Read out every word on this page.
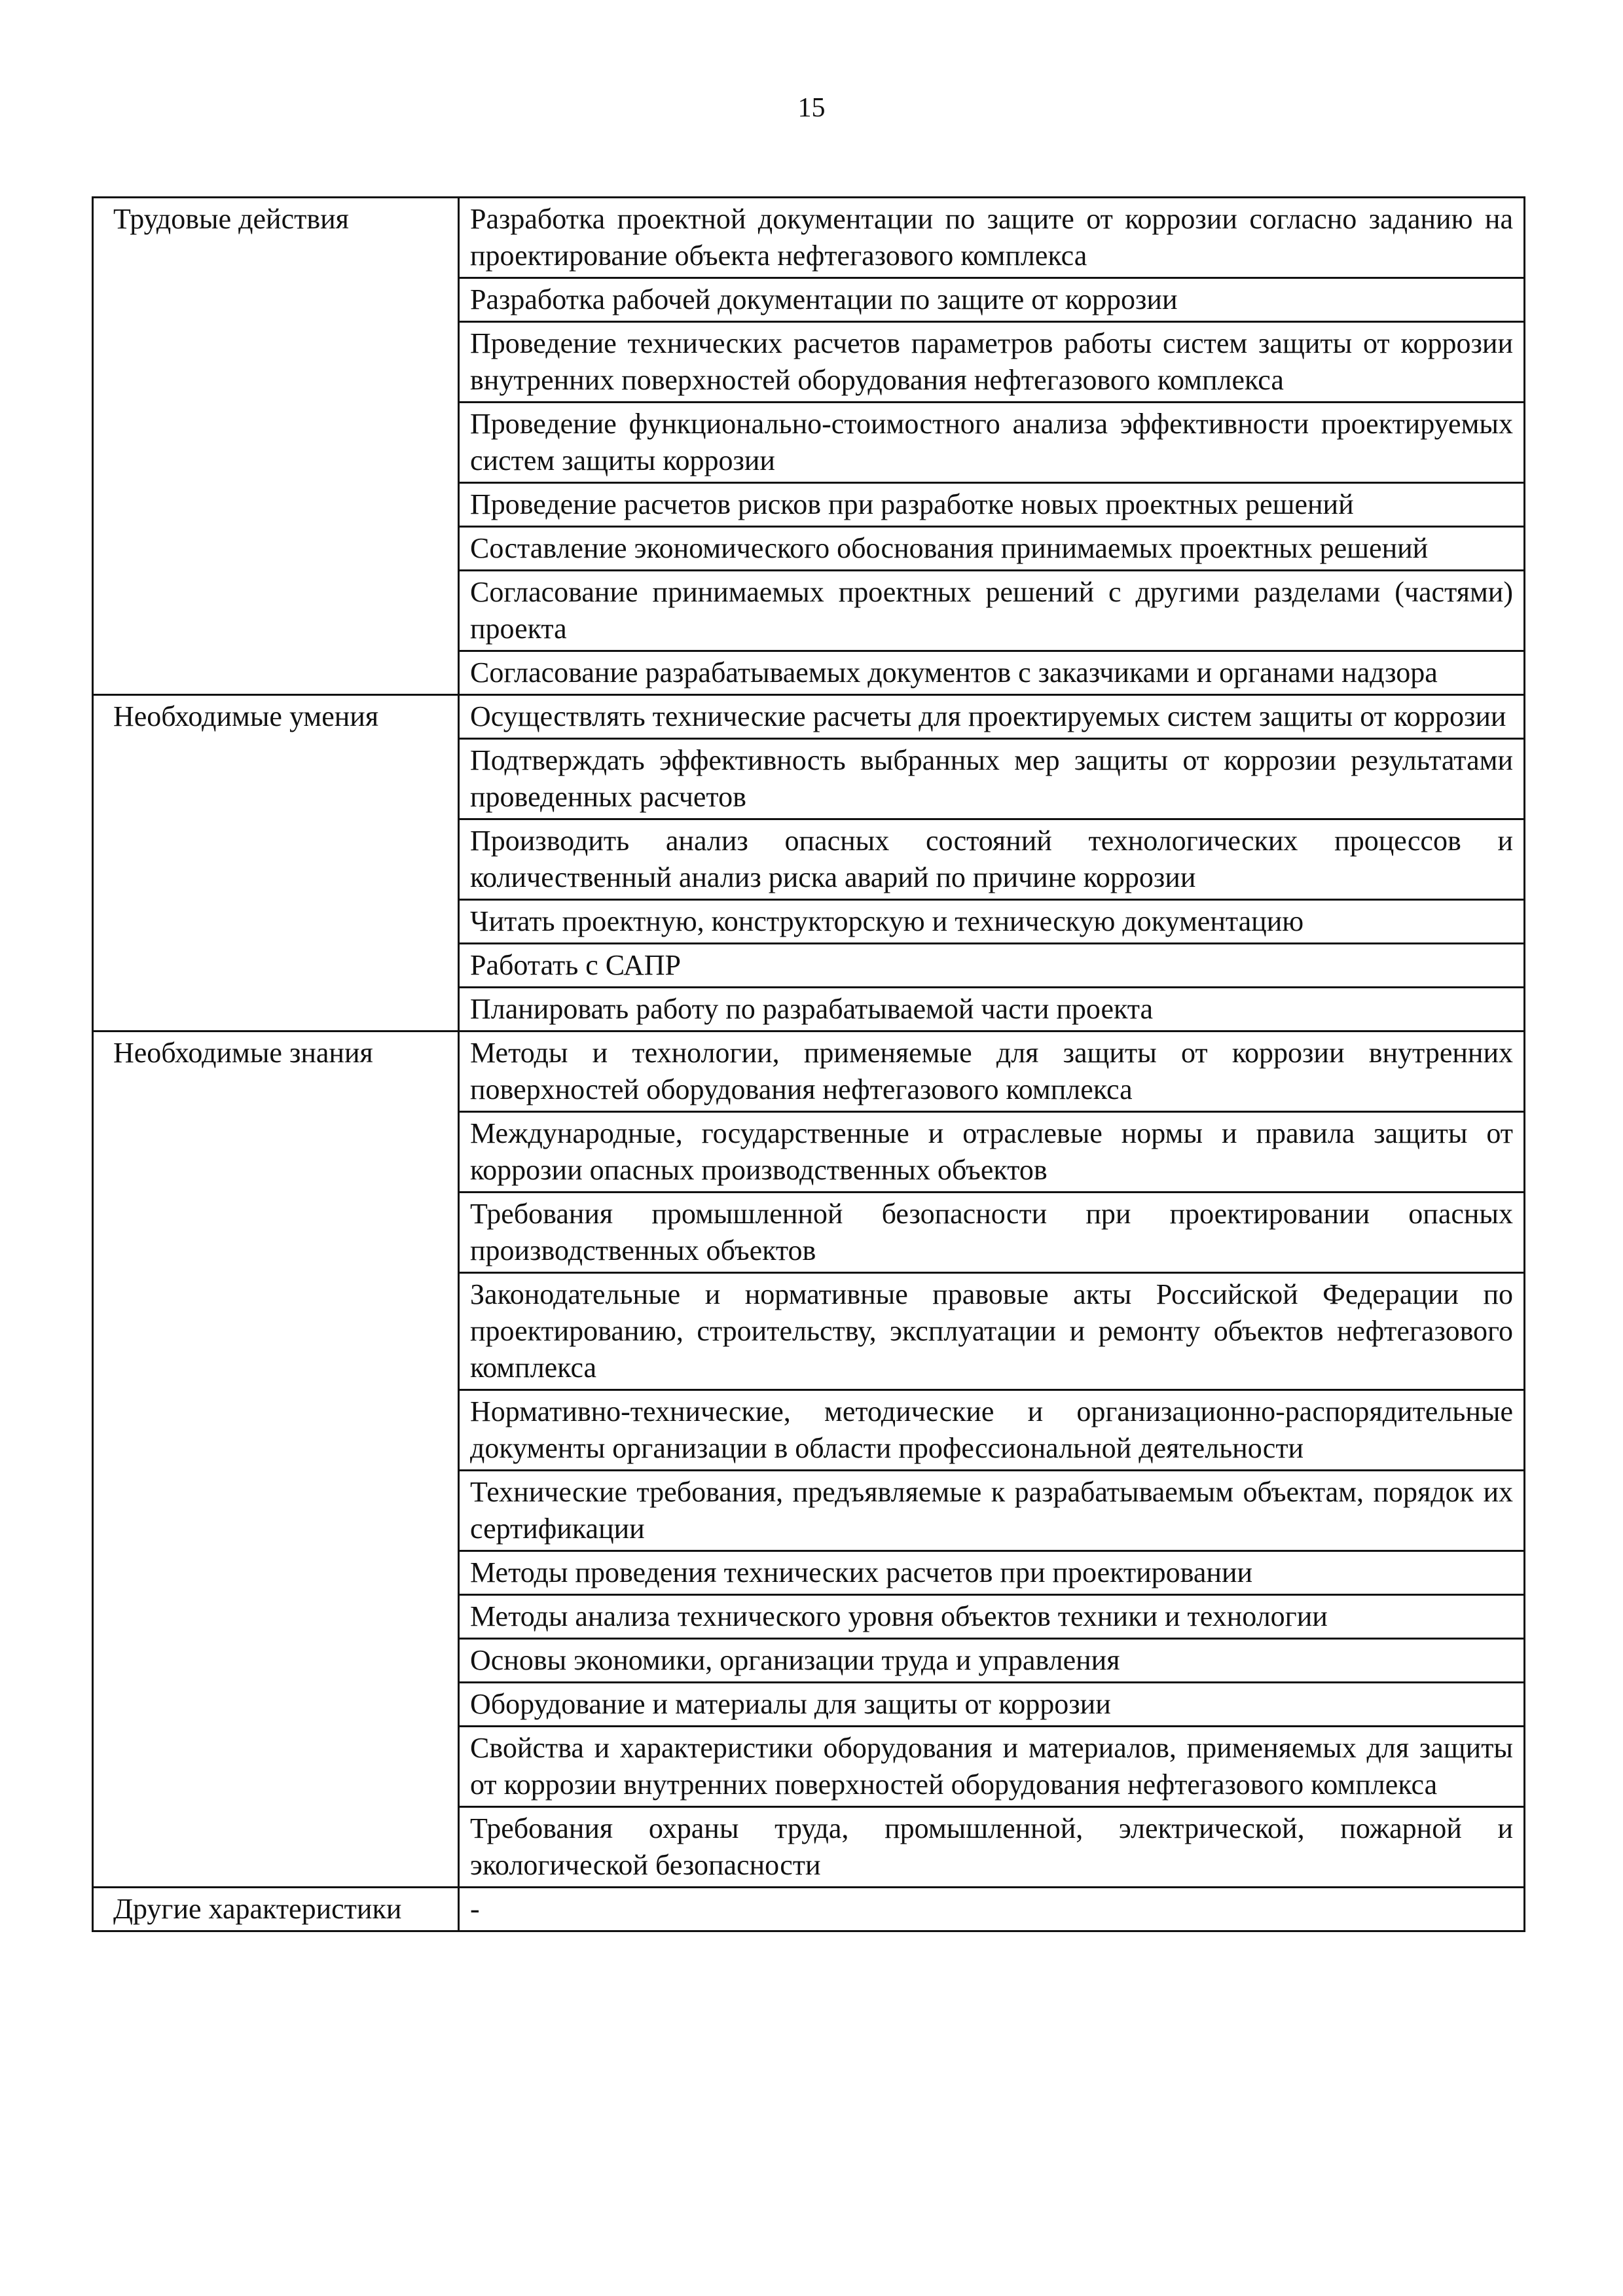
15
Трудовые действия	Разработка проектной документации по защите от коррозии согласно заданию на проектирование объекта нефтегазового комплекса
	Разработка рабочей документации по защите от коррозии
	Проведение технических расчетов параметров работы систем защиты от коррозии внутренних поверхностей оборудования нефтегазового комплекса
	Проведение функционально-стоимостного анализа эффективности проектируемых систем защиты коррозии
	Проведение расчетов рисков при разработке новых проектных решений
	Составление экономического обоснования принимаемых проектных решений
	Согласование принимаемых проектных решений с другими разделами (частями) проекта
	Согласование разрабатываемых документов с заказчиками и органами надзора
Необходимые умения	Осуществлять технические расчеты для проектируемых систем защиты от коррозии
	Подтверждать эффективность выбранных мер защиты от коррозии результатами проведенных расчетов
	Производить анализ опасных состояний технологических процессов и количественный анализ риска аварий по причине коррозии
	Читать проектную, конструкторскую и техническую документацию
	Работать с САПР
	Планировать работу по разрабатываемой части проекта
Необходимые знания	Методы и технологии, применяемые для защиты от коррозии внутренних поверхностей оборудования нефтегазового комплекса
	Международные, государственные и отраслевые нормы и правила защиты от коррозии опасных производственных объектов
	Требования промышленной безопасности при проектировании опасных производственных объектов
	Законодательные и нормативные правовые акты Российской Федерации по проектированию, строительству, эксплуатации и ремонту объектов нефтегазового комплекса
	Нормативно-технические, методические и организационно-распорядительные документы организации в области профессиональной деятельности
	Технические требования, предъявляемые к разрабатываемым объектам, порядок их сертификации
	Методы проведения технических расчетов при проектировании
	Методы анализа технического уровня объектов техники и технологии
	Основы экономики, организации труда и управления
	Оборудование и материалы для защиты от коррозии
	Свойства и характеристики оборудования и материалов, применяемых для защиты от коррозии внутренних поверхностей оборудования нефтегазового комплекса
	Требования охраны труда, промышленной, электрической, пожарной и экологической безопасности
Другие характеристики	-
